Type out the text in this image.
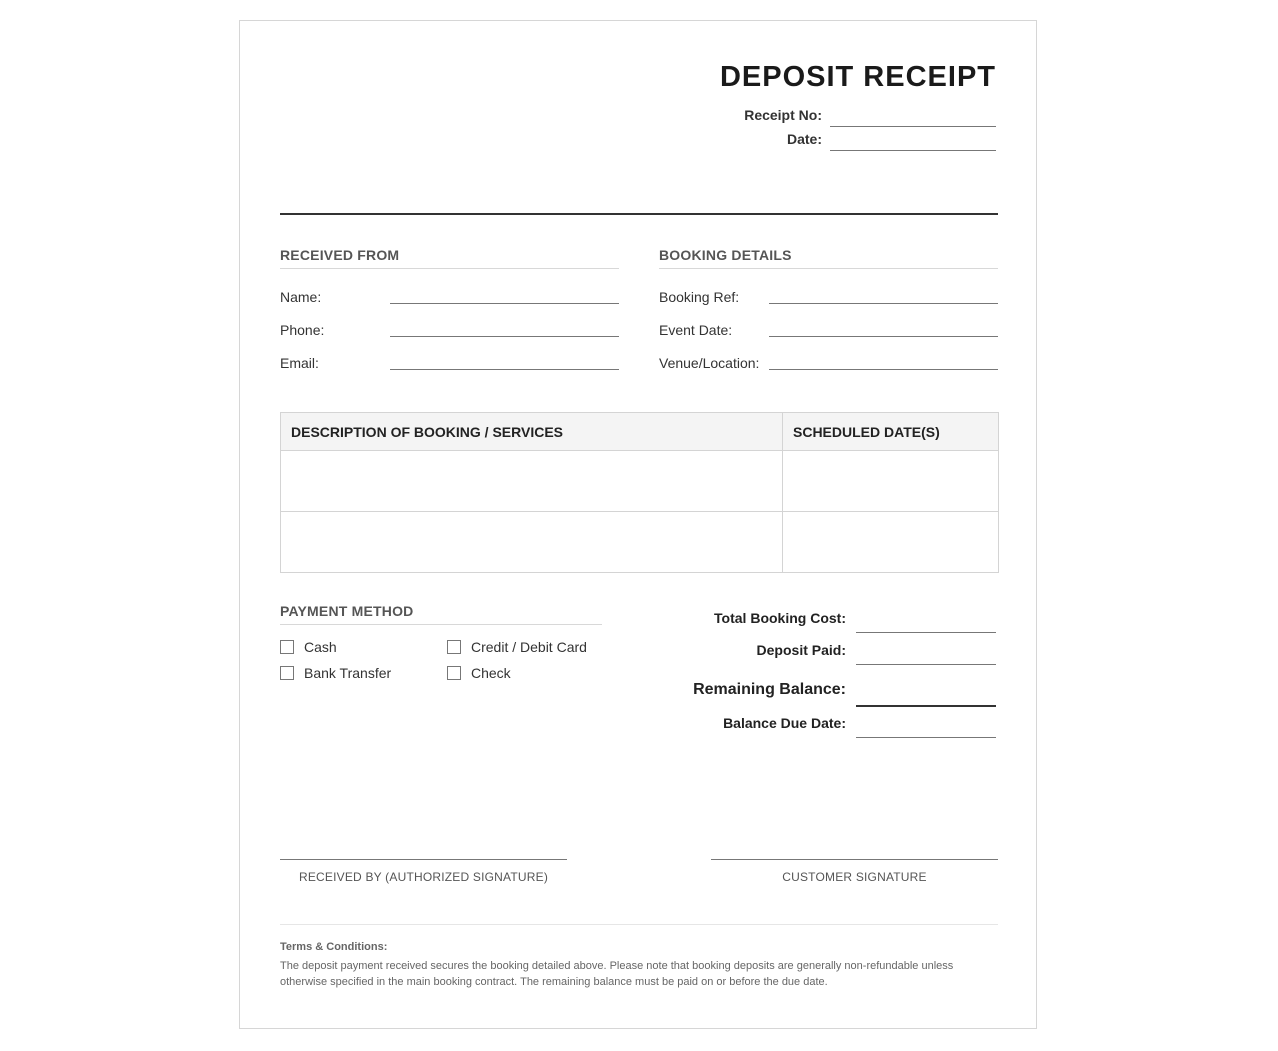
DEPOSIT RECEIPT
Receipt No:
Date:
RECEIVED FROM
Name:
Phone:
Email:
BOOKING DETAILS
Booking Ref:
Event Date:
Venue/Location:
DESCRIPTION OF BOOKING / SERVICES	SCHEDULED DATE(S)

PAYMENT METHOD
Cash	Credit / Debit Card
Bank Transfer	Check
Total Booking Cost:
Deposit Paid:
Remaining Balance:
Balance Due Date:
RECEIVED BY (AUTHORIZED SIGNATURE)	CUSTOMER SIGNATURE
Terms & Conditions:
The deposit payment received secures the booking detailed above. Please note that booking deposits are generally non-refundable unless otherwise specified in the main booking contract. The remaining balance must be paid on or before the due date.
